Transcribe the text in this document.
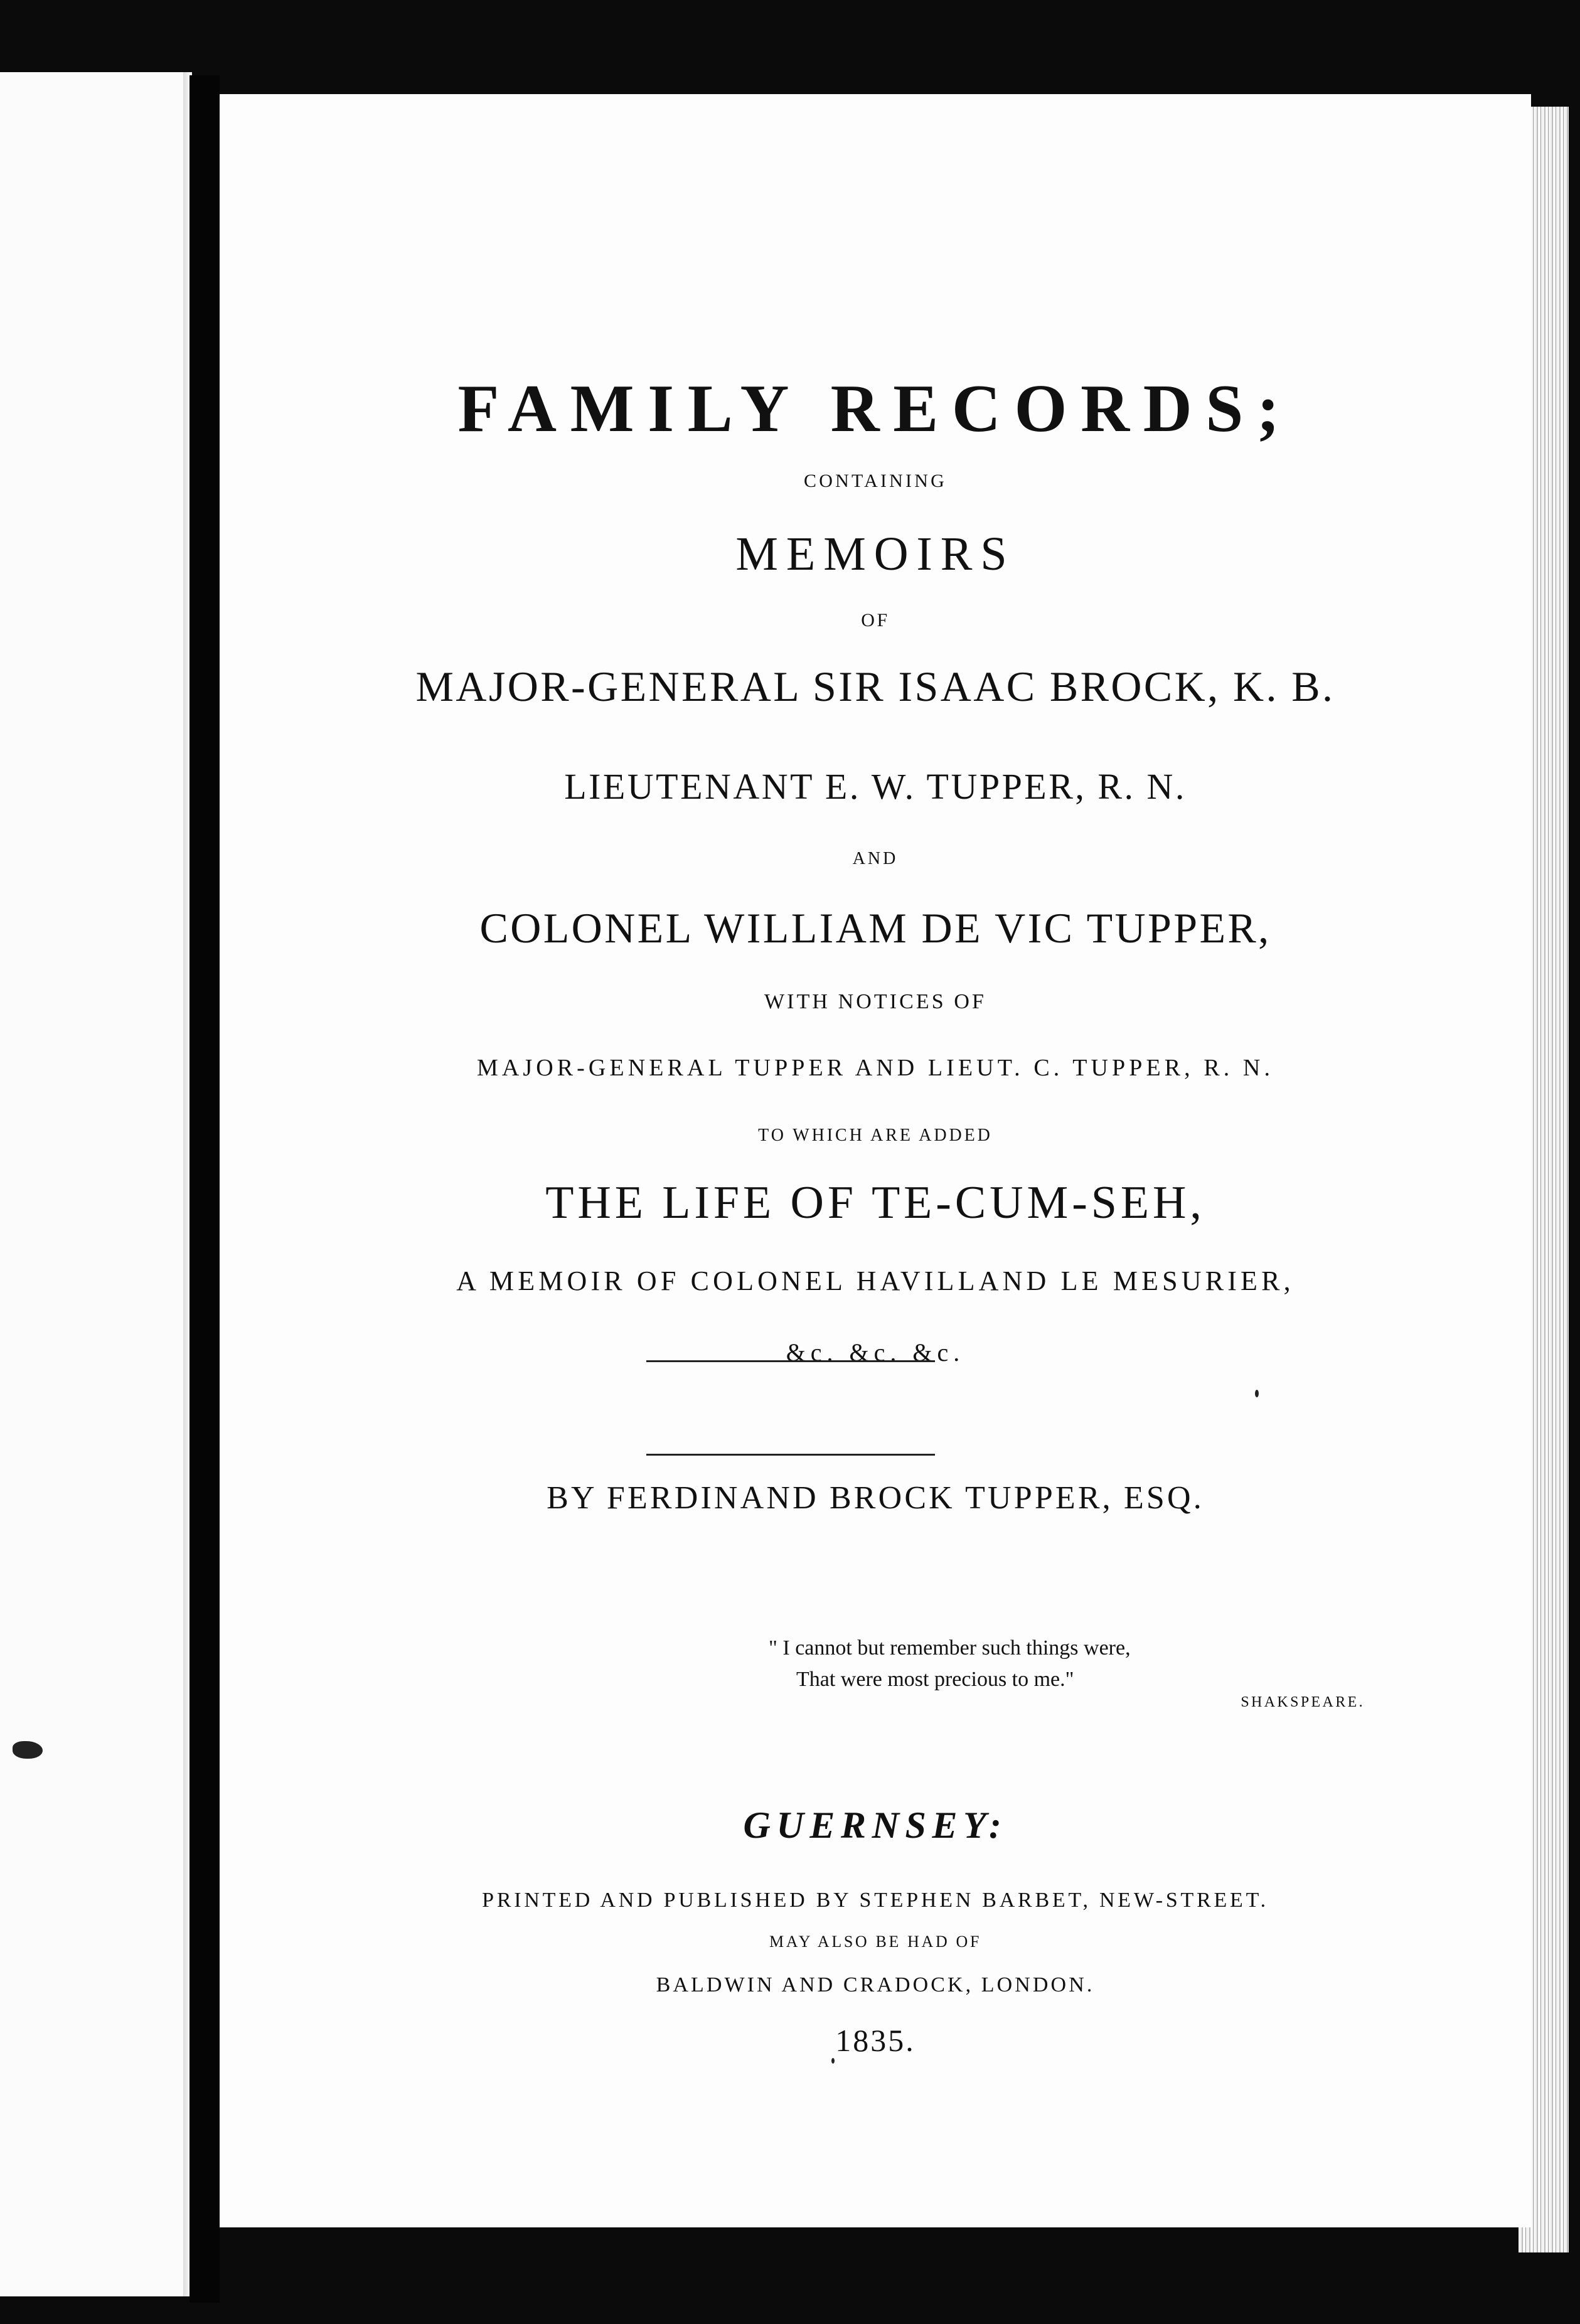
FAMILY RECORDS;
CONTAINING
MEMOIRS
OF
MAJOR-GENERAL SIR ISAAC BROCK, K. B.
LIEUTENANT E. W. TUPPER, R. N.
AND
COLONEL WILLIAM DE VIC TUPPER,
WITH NOTICES OF
MAJOR-GENERAL TUPPER AND LIEUT. C. TUPPER, R. N.
TO WHICH ARE ADDED
THE LIFE OF TE-CUM-SEH,
A MEMOIR OF COLONEL HAVILLAND LE MESURIER,
&c. &c. &c.
BY FERDINAND BROCK TUPPER, ESQ.
" I cannot but remember such things were,
That were most precious to me."
SHAKSPEARE.
GUERNSEY:
PRINTED AND PUBLISHED BY STEPHEN BARBET, NEW-STREET.
MAY ALSO BE HAD OF
BALDWIN AND CRADOCK, LONDON.
1835.
